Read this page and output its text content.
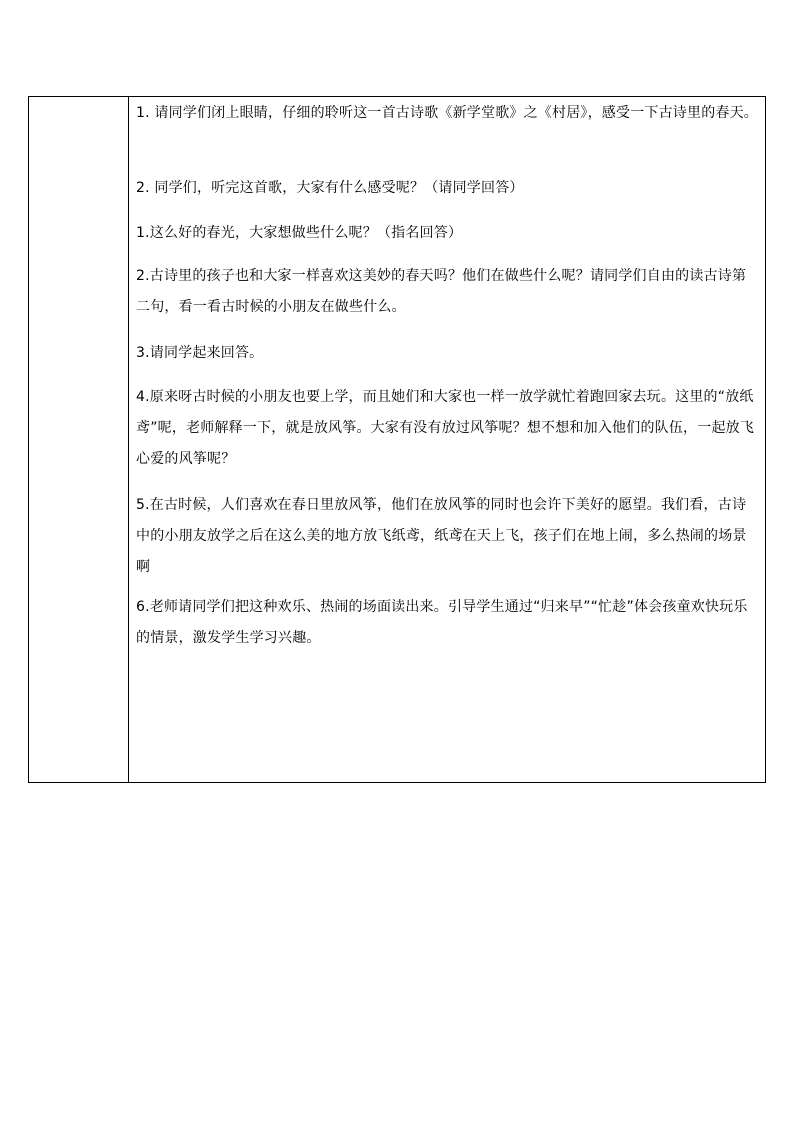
1. 请同学们闭上眼睛，仔细的聆听这一首古诗歌《新学堂歌》之《村居》，感受一下古诗里的春天。
2. 同学们，听完这首歌，大家有什么感受呢？（请同学回答）
1.这么好的春光，大家想做些什么呢？（指名回答）
2.古诗里的孩子也和大家一样喜欢这美妙的春天吗？他们在做些什么呢？请同学们自由的读古诗第二句，看一看古时候的小朋友在做些什么。
3.请同学起来回答。
4.原来呀古时候的小朋友也要上学，而且她们和大家也一样一放学就忙着跑回家去玩。这里的“放纸鸢”呢，老师解释一下，就是放风筝。大家有没有放过风筝呢？想不想和加入他们的队伍，一起放飞心爱的风筝呢？
5.在古时候，人们喜欢在春日里放风筝，他们在放风筝的同时也会许下美好的愿望。我们看，古诗中的小朋友放学之后在这么美的地方放飞纸鸢，纸鸢在天上飞，孩子们在地上闹，多么热闹的场景啊
6.老师请同学们把这种欢乐、热闹的场面读出来。引导学生通过“归来早”“忙趁”体会孩童欢快玩乐的情景，激发学生学习兴趣。
